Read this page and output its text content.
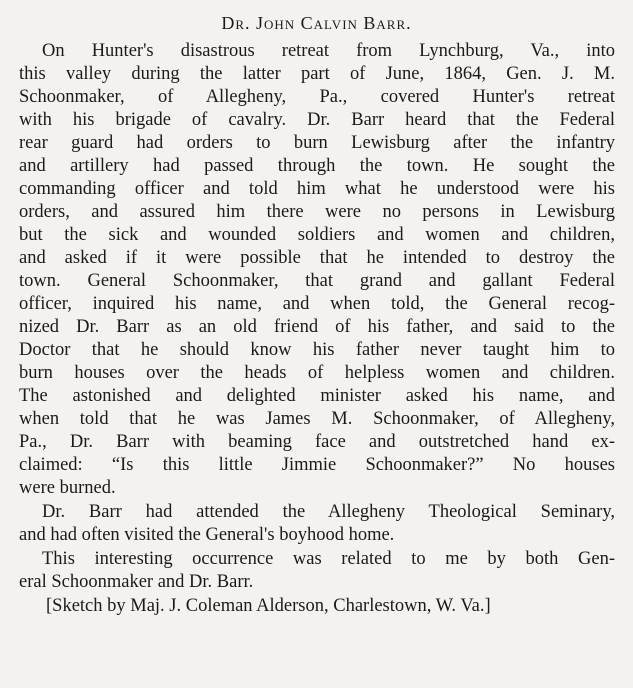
Dr. John Calvin Barr.
On Hunter's disastrous retreat from Lynchburg, Va., into
this valley during the latter part of June, 1864, Gen. J. M.
Schoonmaker, of Allegheny, Pa., covered Hunter's retreat
with his brigade of cavalry. Dr. Barr heard that the Federal
rear guard had orders to burn Lewisburg after the infantry
and artillery had passed through the town. He sought the
commanding officer and told him what he understood were his
orders, and assured him there were no persons in Lewisburg
but the sick and wounded soldiers and women and children,
and asked if it were possible that he intended to destroy the
town. General Schoonmaker, that grand and gallant Federal
officer, inquired his name, and when told, the General recog-
nized Dr. Barr as an old friend of his father, and said to the
Doctor that he should know his father never taught him to
burn houses over the heads of helpless women and children.
The astonished and delighted minister asked his name, and
when told that he was James M. Schoonmaker, of Allegheny,
Pa., Dr. Barr with beaming face and outstretched hand ex-
claimed: “Is this little Jimmie Schoonmaker?” No houses
were burned.
Dr. Barr had attended the Allegheny Theological Seminary,
and had often visited the General's boyhood home.
This interesting occurrence was related to me by both Gen-
eral Schoonmaker and Dr. Barr.
[Sketch by Maj. J. Coleman Alderson, Charlestown, W. Va.]
